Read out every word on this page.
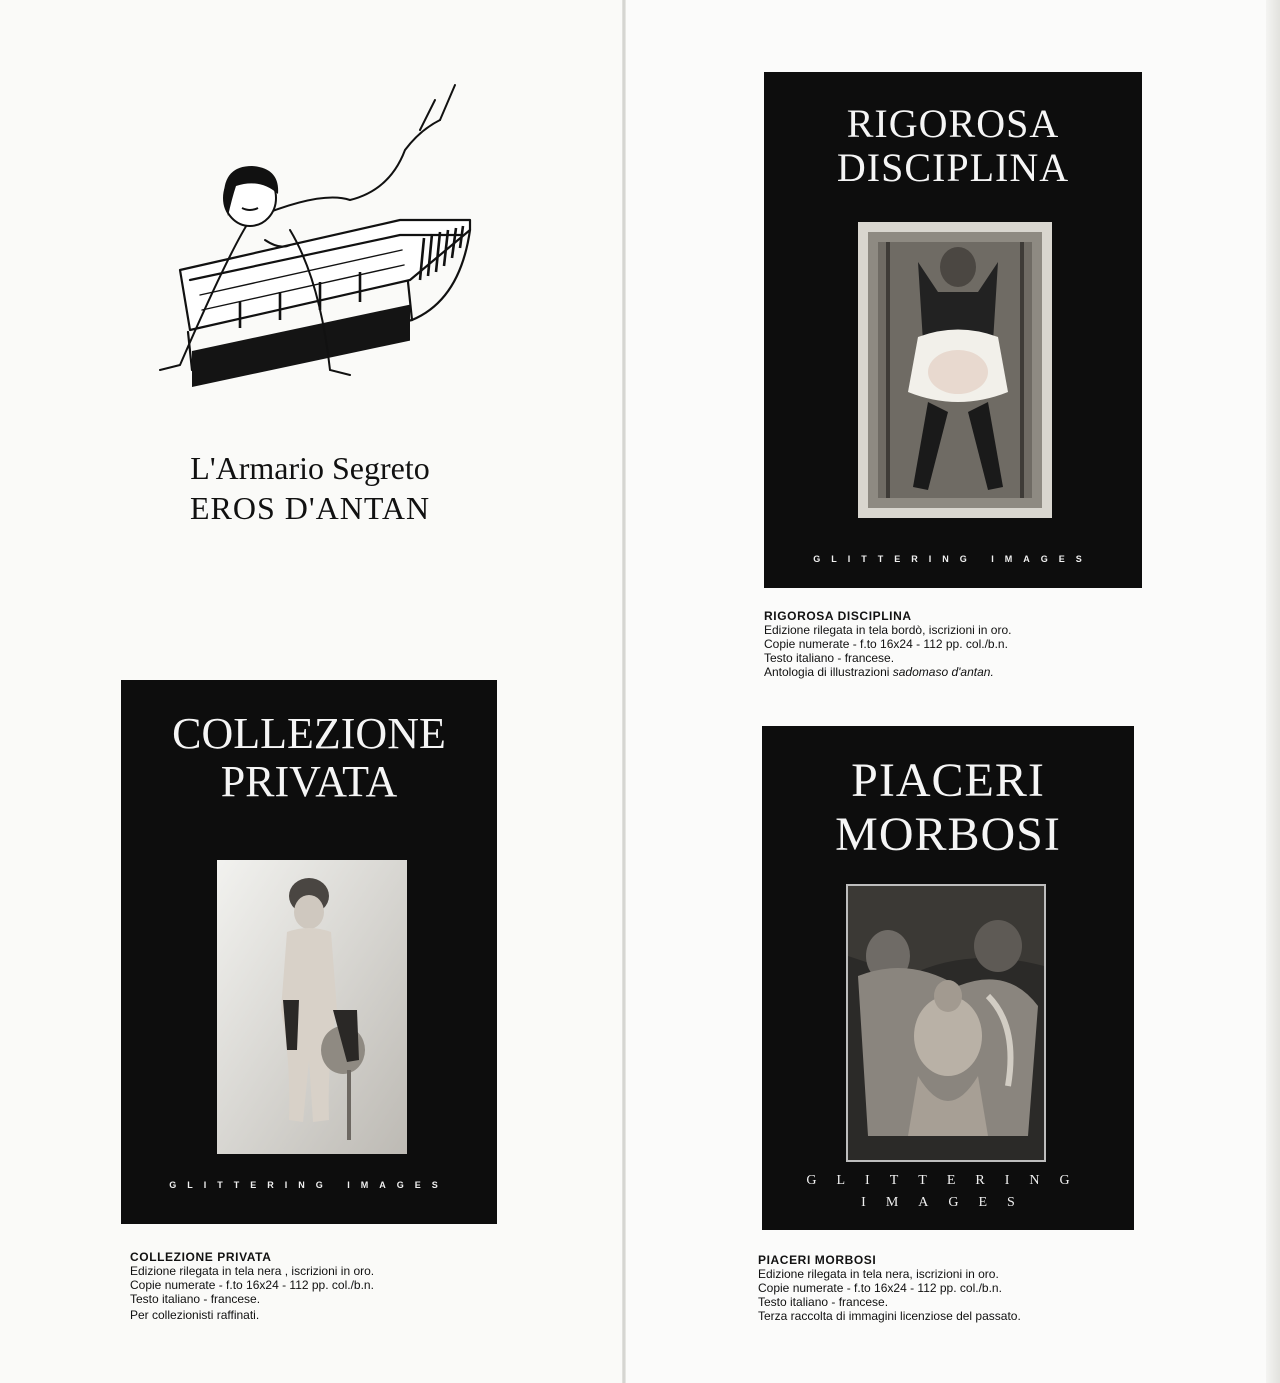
L'Armario Segreto
EROS D'ANTAN
RIGOROSA
DISCIPLINA
GLITTERING IMAGES
RIGOROSA DISCIPLINA
Edizione rilegata in tela bordò, iscrizioni in oro.
Copie numerate - f.to 16x24 - 112 pp. col./b.n.
Testo italiano - francese.
Antologia di illustrazioni sadomaso d'antan.
COLLEZIONE
PRIVATA
GLITTERING IMAGES
COLLEZIONE PRIVATA
Edizione rilegata in tela nera , iscrizioni in oro.
Copie numerate - f.to 16x24 - 112 pp. col./b.n.
Testo italiano - francese.
Per collezionisti raffinati.
PIACERI
MORBOSI
GLITTERING
IMAGES
PIACERI MORBOSI
Edizione rilegata in tela nera, iscrizioni in oro.
Copie numerate - f.to 16x24 - 112 pp. col./b.n.
Testo italiano - francese.
Terza raccolta di immagini licenziose del passato.
